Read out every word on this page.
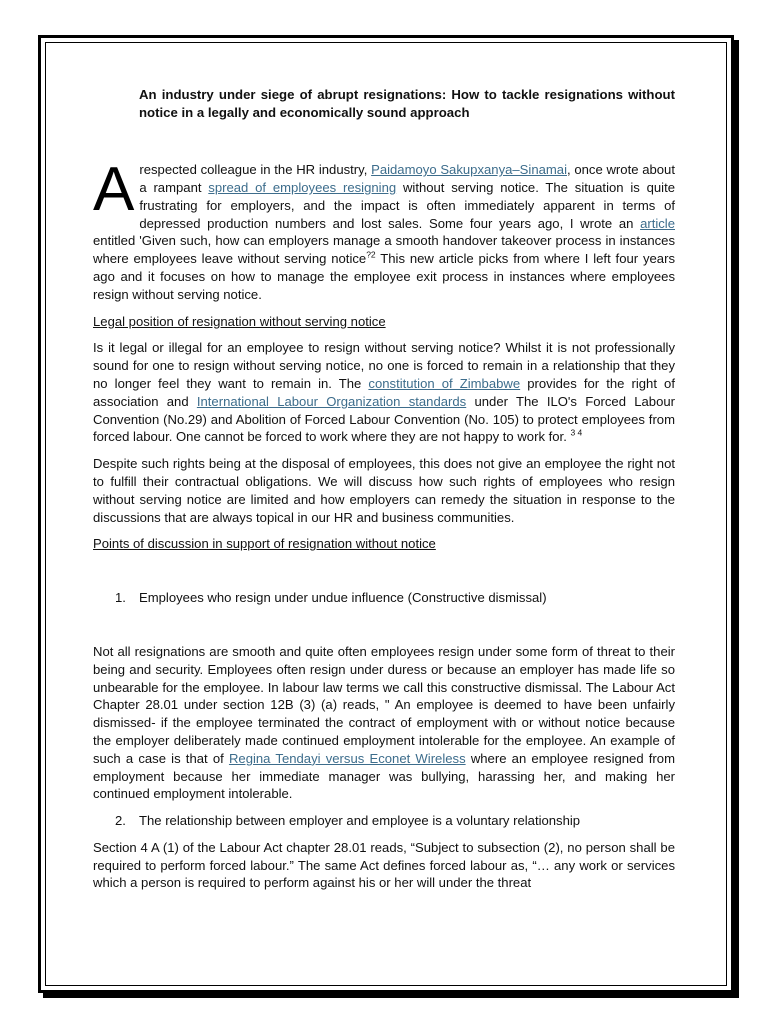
An industry under siege of abrupt resignations: How to tackle resignations without notice in a legally and economically sound approach

A respected colleague in the HR industry, Paidamoyo Sakupxanya–Sinamai, once wrote about a rampant spread of employees resigning without serving notice. The situation is quite frustrating for employers, and the impact is often immediately apparent in terms of depressed production numbers and lost sales. Some four years ago, I wrote an article entitled 'Given such, how can employers manage a smooth handover takeover process in instances where employees leave without serving notice$^{?2}$ This new article picks from where I left four years ago and it focuses on how to manage the employee exit process in instances where employees resign without serving notice.

Legal position of resignation without serving notice

Is it legal or illegal for an employee to resign without serving notice? Whilst it is not professionally sound for one to resign without serving notice, no one is forced to remain in a relationship that they no longer feel they want to remain in. The constitution of Zimbabwe provides for the right of association and International Labour Organization standards under The ILO's Forced Labour Convention (No.29) and Abolition of Forced Labour Convention (No. 105) to protect employees from forced labour. One cannot be forced to work where they are not happy to work for. $^{3 4}$

Despite such rights being at the disposal of employees, this does not give an employee the right not to fulfill their contractual obligations. We will discuss how such rights of employees who resign without serving notice are limited and how employers can remedy the situation in response to the discussions that are always topical in our HR and business communities.

Points of discussion in support of resignation without notice

1. Employees who resign under undue influence (Constructive dismissal)

Not all resignations are smooth and quite often employees resign under some form of threat to their being and security. Employees often resign under duress or because an employer has made life so unbearable for the employee. In labour law terms we call this constructive dismissal. The Labour Act Chapter 28.01 under section 12B (3) (a) reads, " An employee is deemed to have been unfairly dismissed- if the employee terminated the contract of employment with or without notice because the employer deliberately made continued employment intolerable for the employee. An example of such a case is that of Regina Tendayi versus Econet Wireless where an employee resigned from employment because her immediate manager was bullying, harassing her, and making her continued employment intolerable.

2. The relationship between employer and employee is a voluntary relationship

Section 4 A (1) of the Labour Act chapter 28.01 reads, “Subject to subsection (2), no person shall be required to perform forced labour.” The same Act defines forced labour as, “… any work or services which a person is required to perform against his or her will under the threat
